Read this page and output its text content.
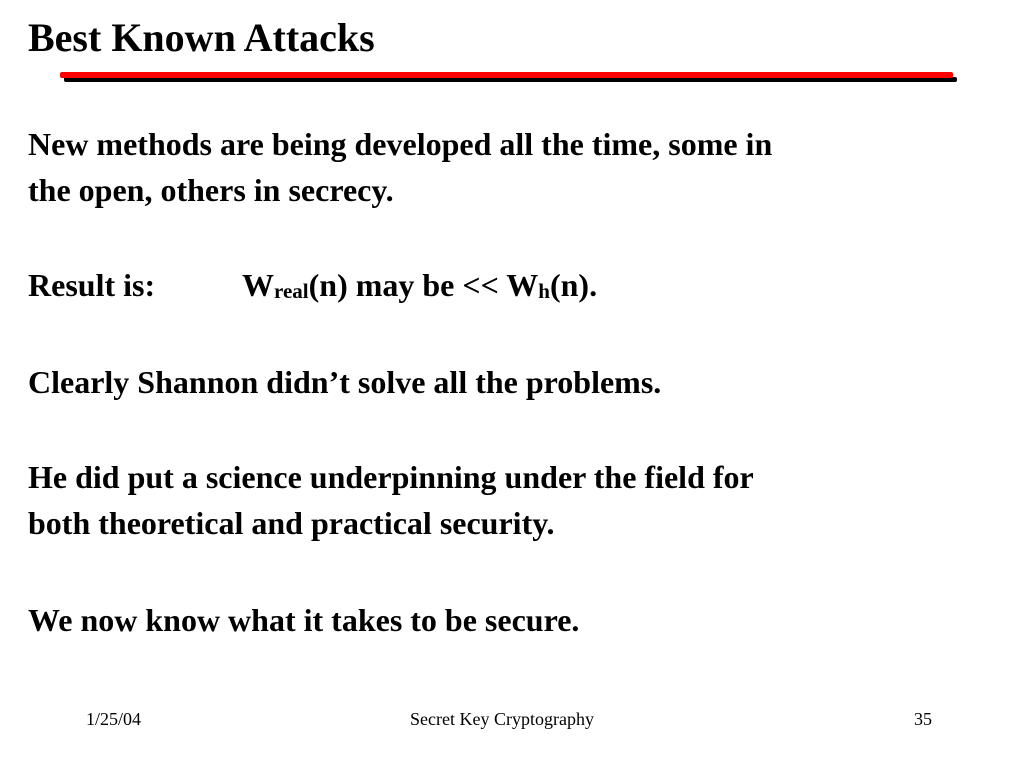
Best Known Attacks
New methods are being developed all the time, some in
the open, others in secrecy.
Result is:	$W_{real}(n)$ may be << $W_h(n)$.
Clearly Shannon didn’t solve all the problems.
He did put a science underpinning under the field for
both theoretical and practical security.
We now know what it takes to be secure.
1/25/04	Secret Key Cryptography	35
